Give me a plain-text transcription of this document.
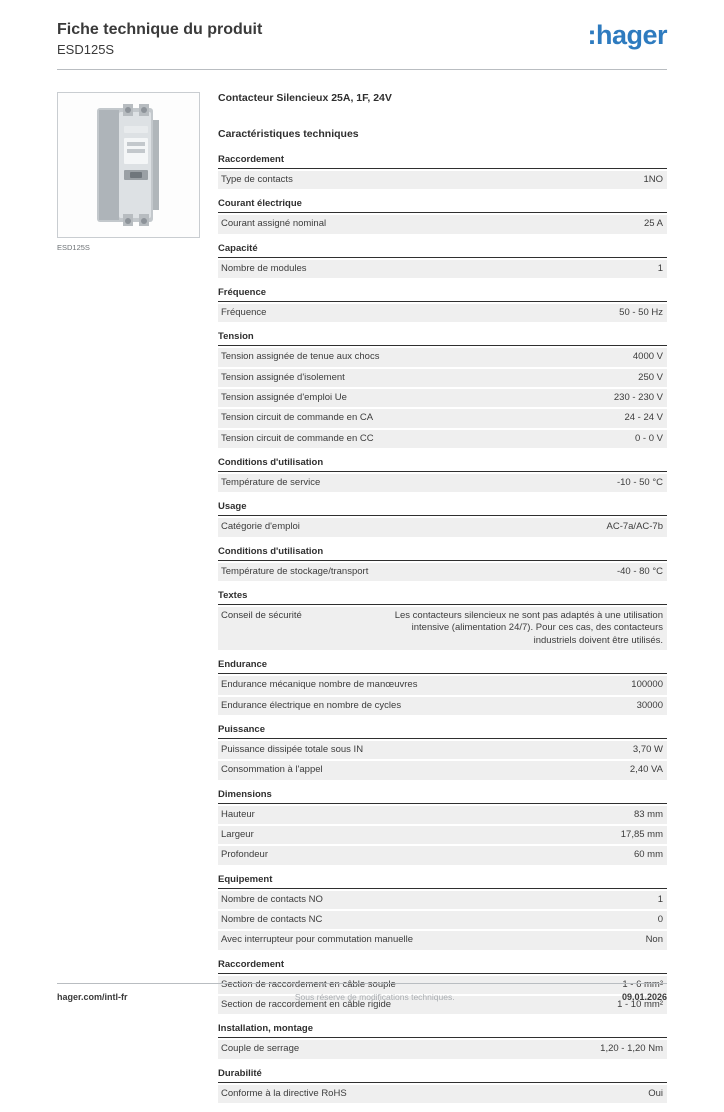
Fiche technique du produit
ESD125S	:hager
ESD125S
Contacteur Silencieux 25A, 1F, 24V
Caractéristiques techniques
Raccordement
Type de contacts	1NO
Courant électrique
Courant assigné nominal	25 A
Capacité
Nombre de modules	1
Fréquence
Fréquence	50 - 50 Hz
Tension
Tension assignée de tenue aux chocs	4000 V
Tension assignée d'isolement	250 V
Tension assignée d'emploi Ue	230 - 230 V
Tension circuit de commande en CA	24 - 24 V
Tension circuit de commande en CC	0 - 0 V
Conditions d'utilisation
Température de service	-10 - 50 °C
Usage
Catégorie d'emploi	AC-7a/AC-7b
Conditions d'utilisation
Température de stockage/transport	-40 - 80 °C
Textes
Conseil de sécurité	Les contacteurs silencieux ne sont pas adaptés à une utilisation intensive (alimentation 24/7). Pour ces cas, des contacteurs industriels doivent être utilisés.
Endurance
Endurance mécanique nombre de manœuvres	100000
Endurance électrique en nombre de cycles	30000
Puissance
Puissance dissipée totale sous IN	3,70 W
Consommation à l'appel	2,40 VA
Dimensions
Hauteur	83 mm
Largeur	17,85 mm
Profondeur	60 mm
Equipement
Nombre de contacts NO	1
Nombre de contacts NC	0
Avec interrupteur pour commutation manuelle	Non
Raccordement
Section de raccordement en câble souple	1 - 6 mm²
Section de raccordement en câble rigide	1 - 10 mm²
Installation, montage
Couple de serrage	1,20 - 1,20 Nm
Durabilité
Conforme à la directive RoHS	Oui
hager.com/intl-fr	Sous réserve de modifications techniques.	09.01.2026
